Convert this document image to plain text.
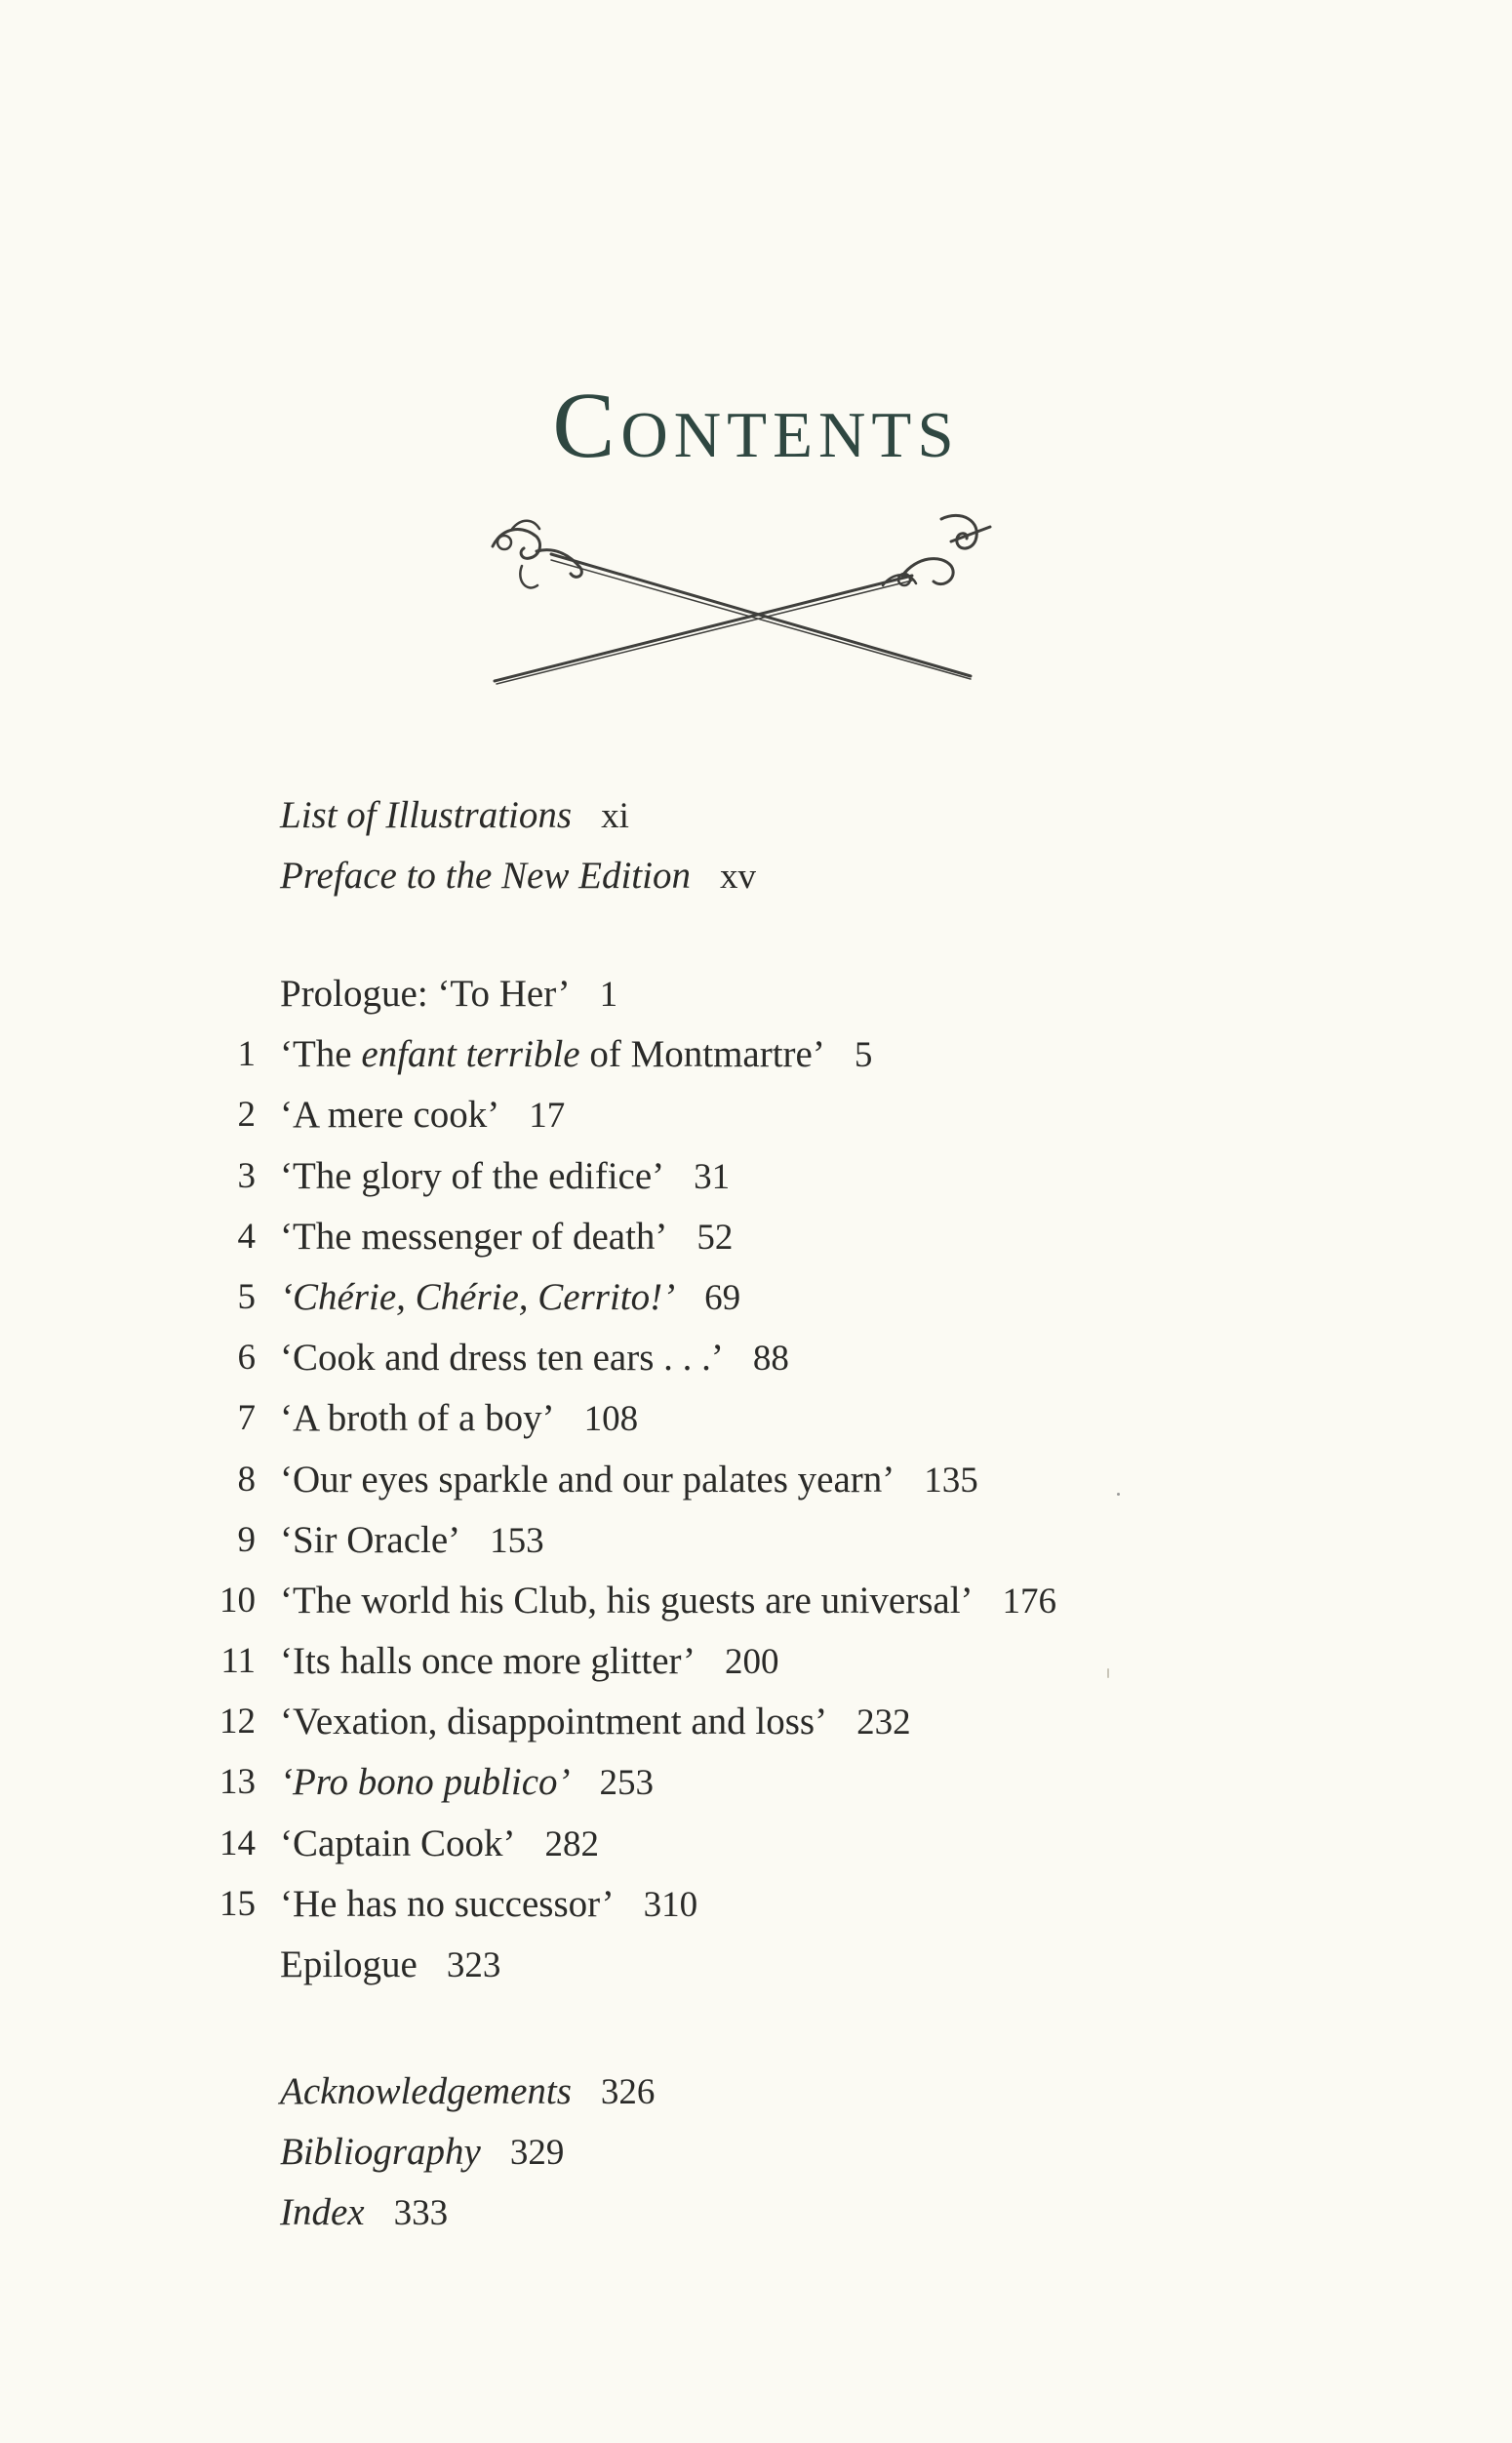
Contents
List of Illustrations xi
Preface to the New Edition xv
Prologue: ‘To Her’ 1
1 ‘The enfant terrible of Montmartre’ 5
2 ‘A mere cook’ 17
3 ‘The glory of the edifice’ 31
4 ‘The messenger of death’ 52
5 ‘Chérie, Chérie, Cerrito!’ 69
6 ‘Cook and dress ten ears . . .’ 88
7 ‘A broth of a boy’ 108
8 ‘Our eyes sparkle and our palates yearn’ 135
9 ‘Sir Oracle’ 153
10 ‘The world his Club, his guests are universal’ 176
11 ‘Its halls once more glitter’ 200
12 ‘Vexation, disappointment and loss’ 232
13 ‘Pro bono publico’ 253
14 ‘Captain Cook’ 282
15 ‘He has no successor’ 310
Epilogue 323
Acknowledgements 326
Bibliography 329
Index 333
